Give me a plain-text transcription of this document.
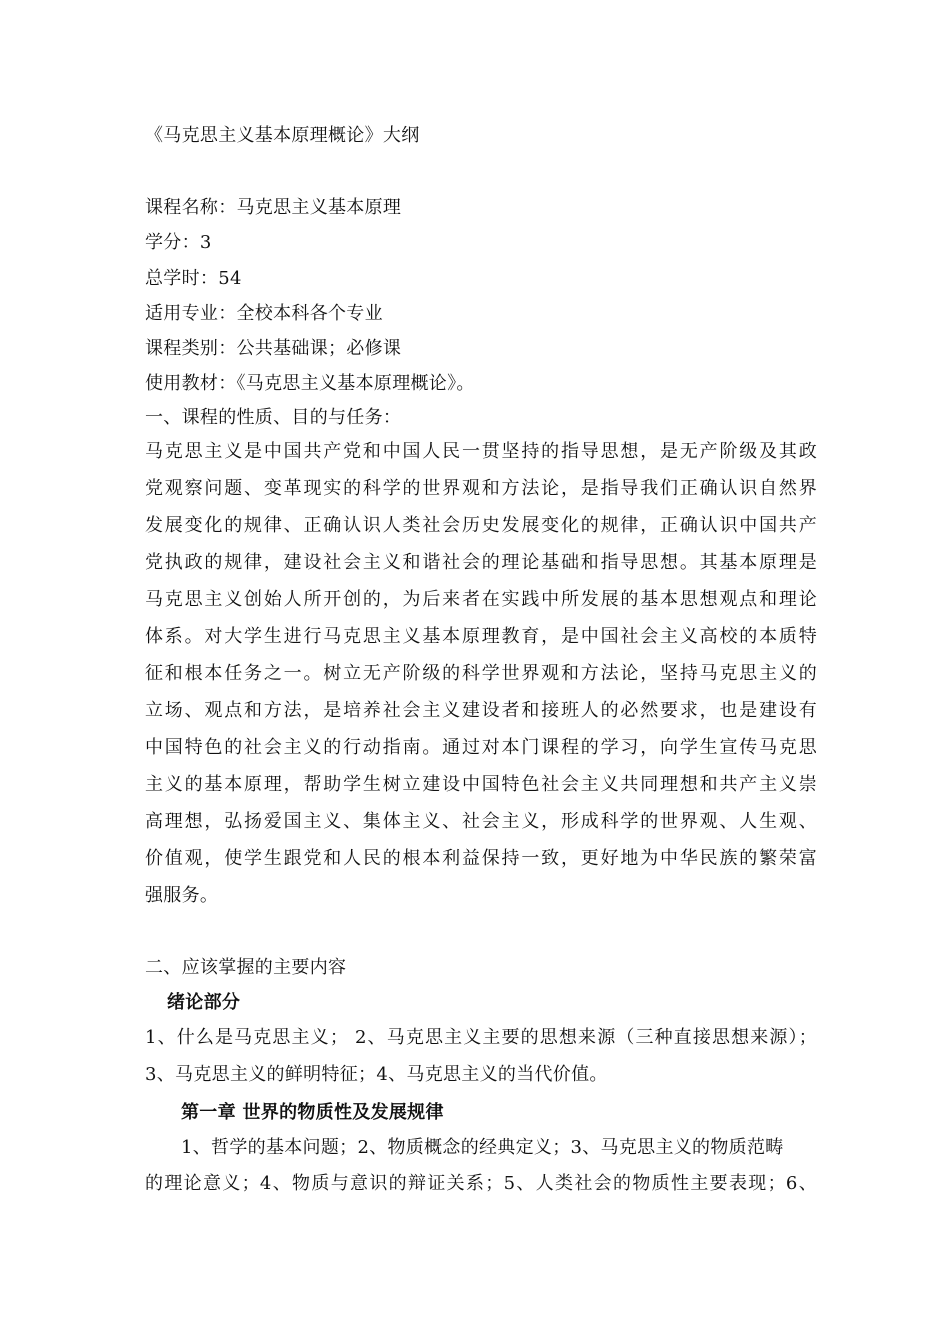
《马克思主义基本原理概论》大纲
课程名称：马克思主义基本原理
学分：3
总学时：54
适用专业：全校本科各个专业
课程类别：公共基础课；必修课
使用教材：《马克思主义基本原理概论》。
一、课程的性质、目的与任务：
马克思主义是中国共产党和中国人民一贯坚持的指导思想，是无产阶级及其政
党观察问题、变革现实的科学的世界观和方法论，是指导我们正确认识自然界
发展变化的规律、正确认识人类社会历史发展变化的规律，正确认识中国共产
党执政的规律，建设社会主义和谐社会的理论基础和指导思想。其基本原理是
马克思主义创始人所开创的，为后来者在实践中所发展的基本思想观点和理论
体系。对大学生进行马克思主义基本原理教育，是中国社会主义高校的本质特
征和根本任务之一。树立无产阶级的科学世界观和方法论，坚持马克思主义的
立场、观点和方法，是培养社会主义建设者和接班人的必然要求，也是建设有
中国特色的社会主义的行动指南。通过对本门课程的学习，向学生宣传马克思
主义的基本原理，帮助学生树立建设中国特色社会主义共同理想和共产主义崇
高理想，弘扬爱国主义、集体主义、社会主义，形成科学的世界观、人生观、
价值观，使学生跟党和人民的根本利益保持一致，更好地为中华民族的繁荣富
强服务。
二、应该掌握的主要内容
绪论部分
1、什么是马克思主义； 2、马克思主义主要的思想来源（三种直接思想来源）；
3、马克思主义的鲜明特征；4、马克思主义的当代价值。
第一章 世界的物质性及发展规律
1、哲学的基本问题；2、物质概念的经典定义；3、马克思主义的物质范畴
的理论意义；4、物质与意识的辩证关系；5、人类社会的物质性主要表现；6、
